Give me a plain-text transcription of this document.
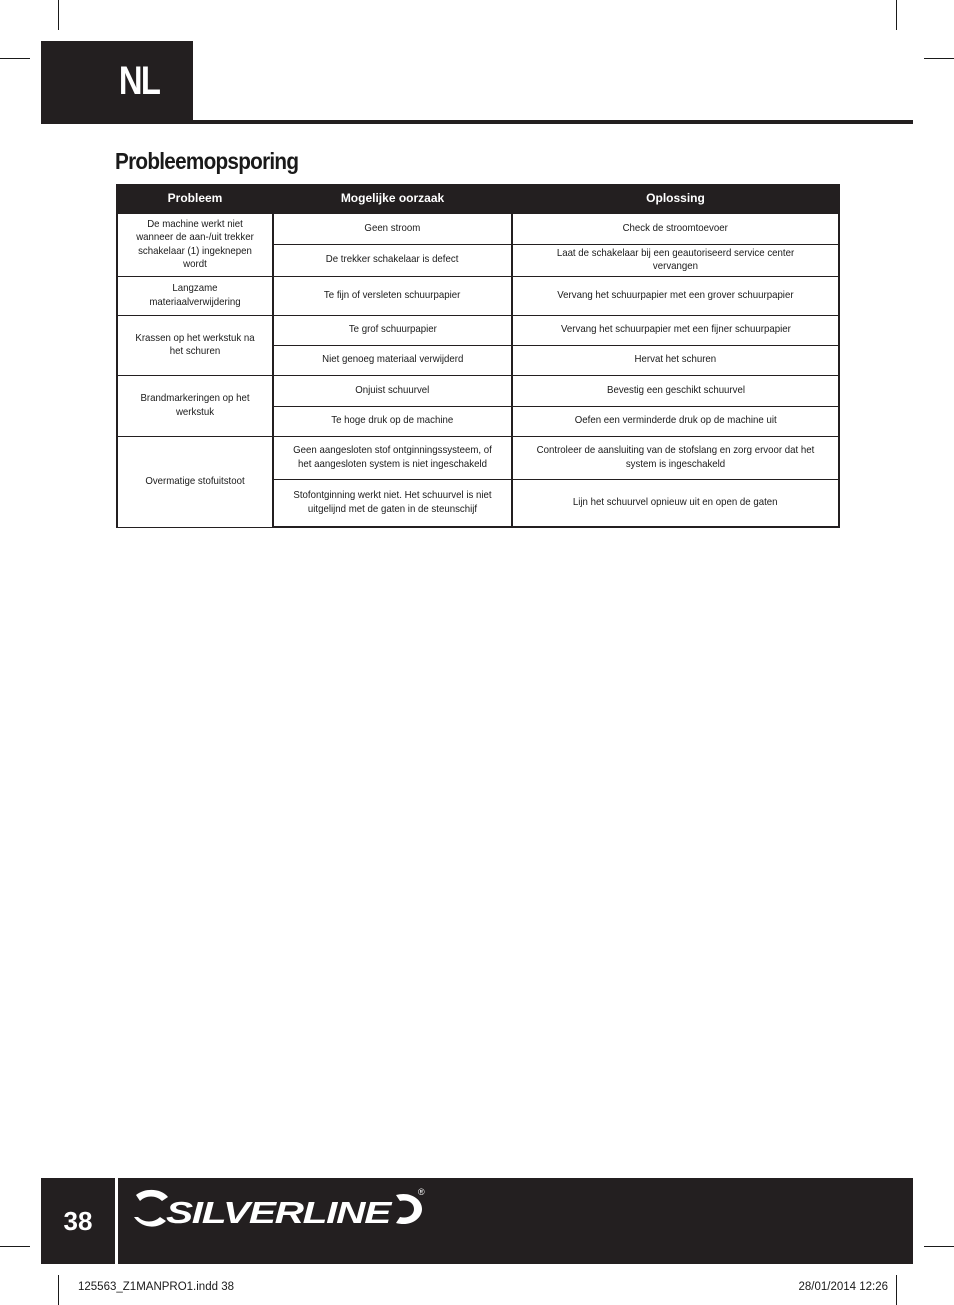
NL
Probleemopsporing
Probleem	Mogelijke oorzaak	Oplossing
De machine werkt niet wanneer de aan-/uit trekker schakelaar (1) ingeknepen wordt	Geen stroom	Check de stroomtoevoer
	De trekker schakelaar is defect	Laat de schakelaar bij een geautoriseerd service center vervangen
Langzame materiaalverwijdering	Te fijn of versleten schuurpapier	Vervang het schuurpapier met een grover schuurpapier
Krassen op het werkstuk na het schuren	Te grof schuurpapier	Vervang het schuurpapier met een fijner schuurpapier
	Niet genoeg materiaal verwijderd	Hervat het schuren
Brandmarkeringen op het werkstuk	Onjuist schuurvel	Bevestig een geschikt schuurvel
	Te hoge druk op de machine	Oefen een verminderde druk op de machine uit
Overmatige stofuitstoot	Geen aangesloten stof ontginningssysteem, of het aangesloten system is niet ingeschakeld	Controleer de aansluiting van de stofslang en zorg ervoor dat het system is ingeschakeld
	Stofontginning werkt niet. Het schuurvel is niet uitgelijnd met de gaten in de steunschijf	Lijn het schuurvel opnieuw uit en open de gaten
38	SILVERLINE
®
125563_Z1MANPRO1.indd 38	28/01/2014 12:26
